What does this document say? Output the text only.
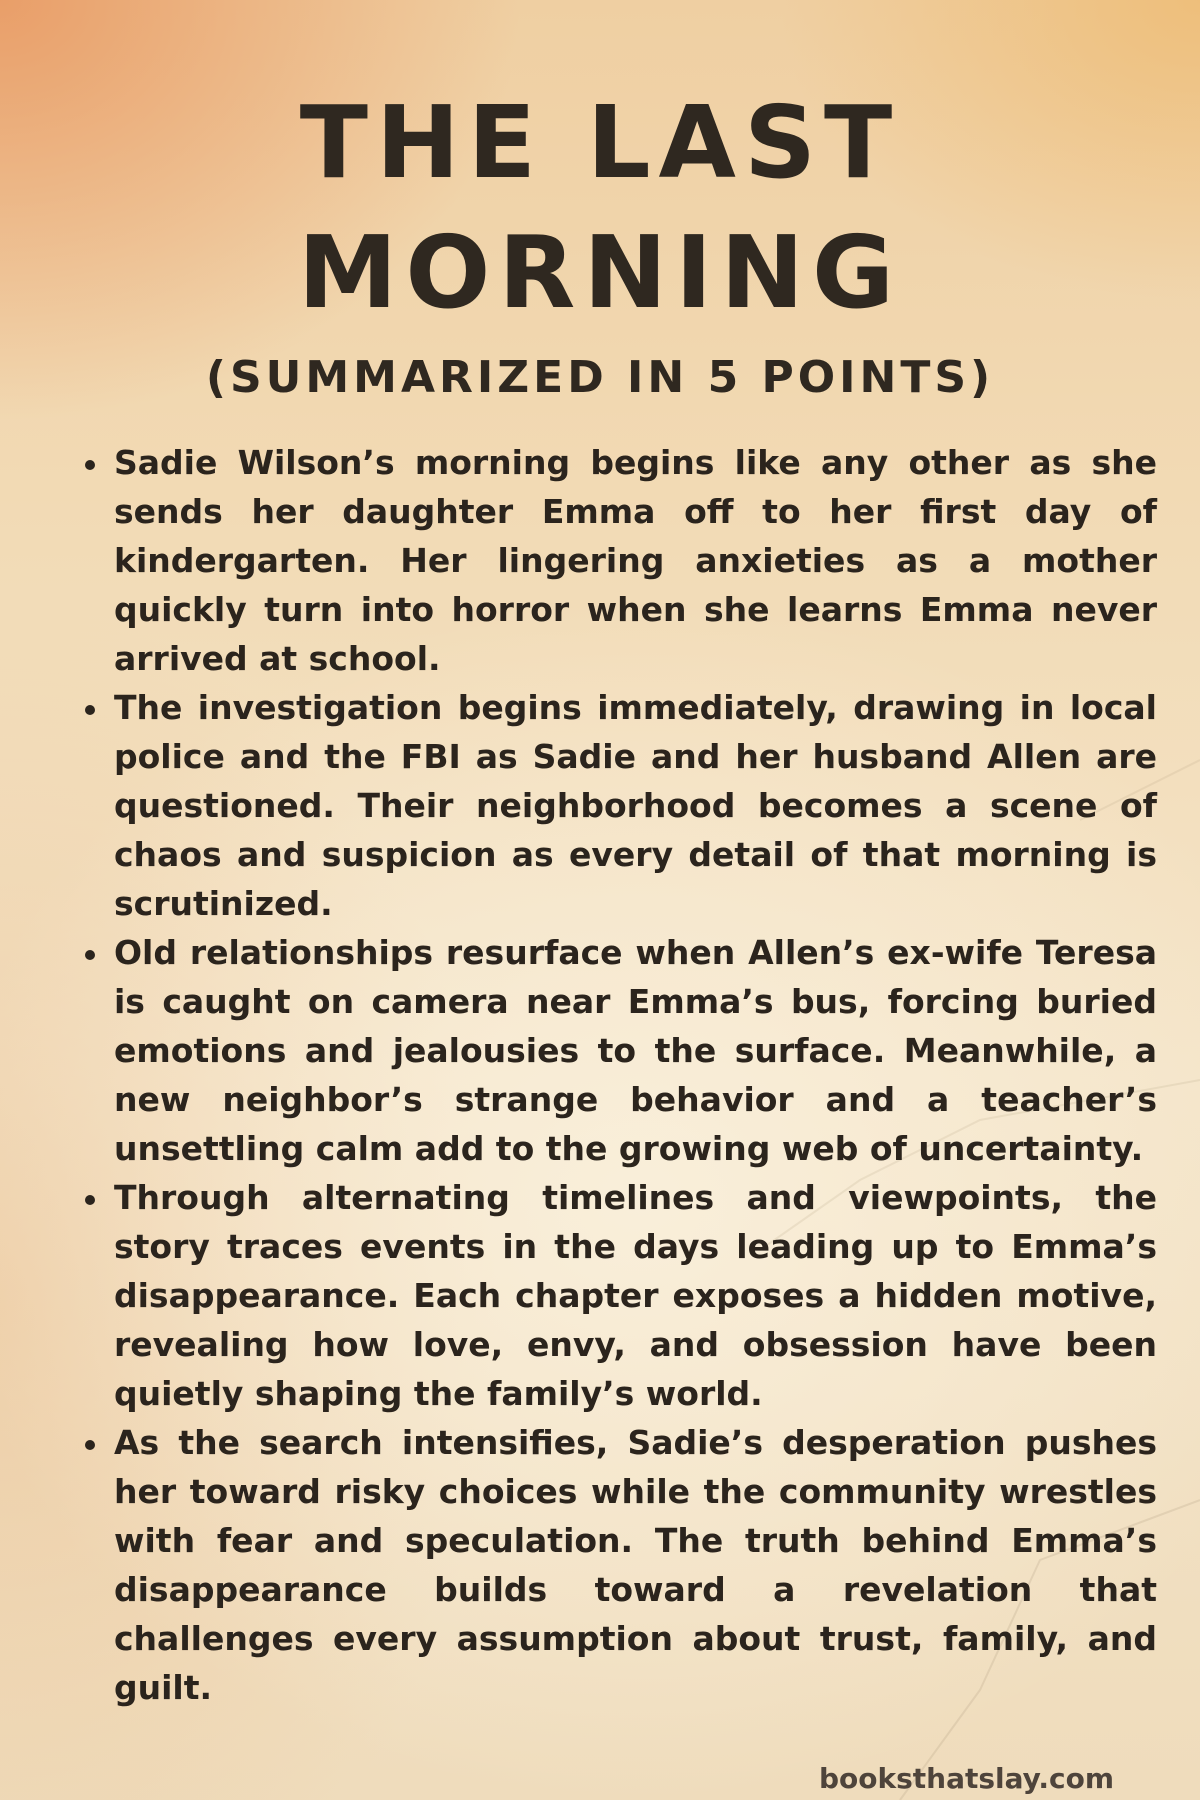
THE LAST
MORNING
(SUMMARIZED IN 5 POINTS)
Sadie Wilson’s morning begins like any other as she sends her daughter Emma off to her first day of kindergarten. Her lingering anxieties as a mother quickly turn into horror when she learns Emma never arrived at school.
The investigation begins immediately, drawing in local police and the FBI as Sadie and her husband Allen are questioned. Their neighborhood becomes a scene of chaos and suspicion as every detail of that morning is scrutinized.
Old relationships resurface when Allen’s ex-wife Teresa is caught on camera near Emma’s bus, forcing buried emotions and jealousies to the surface. Meanwhile, a new neighbor’s strange behavior and a teacher’s unsettling calm add to the growing web of uncertainty.
Through alternating timelines and viewpoints, the story traces events in the days leading up to Emma’s disappearance. Each chapter exposes a hidden motive, revealing how love, envy, and obsession have been quietly shaping the family’s world.
As the search intensifies, Sadie’s desperation pushes her toward risky choices while the community wrestles with fear and speculation. The truth behind Emma’s disappearance builds toward a revelation that challenges every assumption about trust, family, and guilt.
booksthatslay.com
